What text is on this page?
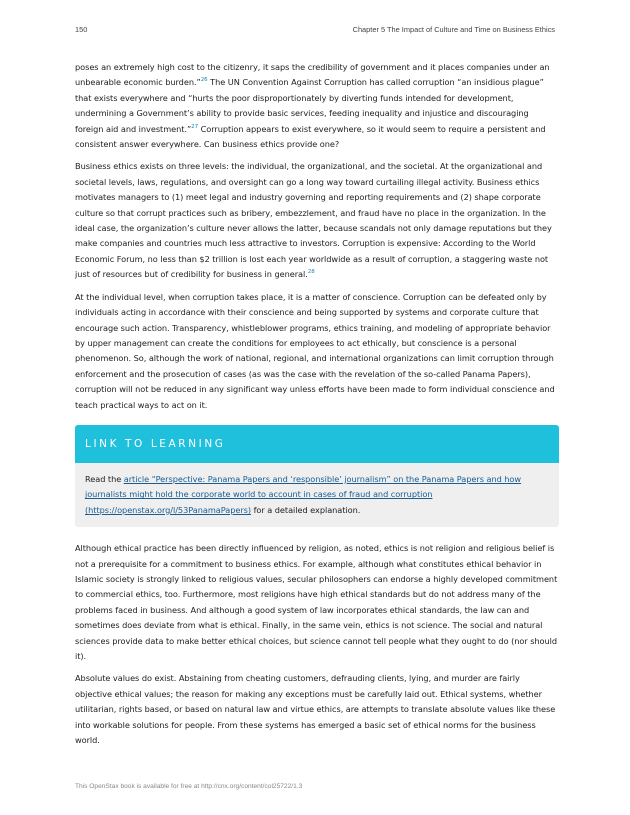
150	Chapter 5 The Impact of Culture and Time on Business Ethics

poses an extremely high cost to the citizenry, it saps the credibility of government and it places companies under an unbearable economic burden.”$^{26}$ The UN Convention Against Corruption has called corruption “an insidious plague” that exists everywhere and “hurts the poor disproportionately by diverting funds intended for development, undermining a Government’s ability to provide basic services, feeding inequality and injustice and discouraging foreign aid and investment.”$^{27}$ Corruption appears to exist everywhere, so it would seem to require a persistent and consistent answer everywhere. Can business ethics provide one?

Business ethics exists on three levels: the individual, the organizational, and the societal. At the organizational and societal levels, laws, regulations, and oversight can go a long way toward curtailing illegal activity. Business ethics motivates managers to (1) meet legal and industry governing and reporting requirements and (2) shape corporate culture so that corrupt practices such as bribery, embezzlement, and fraud have no place in the organization. In the ideal case, the organization’s culture never allows the latter, because scandals not only damage reputations but they make companies and countries much less attractive to investors. Corruption is expensive: According to the World Economic Forum, no less than $2 trillion is lost each year worldwide as a result of corruption, a staggering waste not just of resources but of credibility for business in general.$^{28}$

At the individual level, when corruption takes place, it is a matter of conscience. Corruption can be defeated only by individuals acting in accordance with their conscience and being supported by systems and corporate culture that encourage such action. Transparency, whistleblower programs, ethics training, and modeling of appropriate behavior by upper management can create the conditions for employees to act ethically, but conscience is a personal phenomenon. So, although the work of national, regional, and international organizations can limit corruption through enforcement and the prosecution of cases (as was the case with the revelation of the so-called Panama Papers), corruption will not be reduced in any significant way unless efforts have been made to form individual conscience and teach practical ways to act on it.

LINK TO LEARNING

Read the article “Perspective: Panama Papers and ‘responsible’ journalism” on the Panama Papers and how journalists might hold the corporate world to account in cases of fraud and corruption (https://openstax.org/l/53PanamaPapers) for a detailed explanation.

Although ethical practice has been directly influenced by religion, as noted, ethics is not religion and religious belief is not a prerequisite for a commitment to business ethics. For example, although what constitutes ethical behavior in Islamic society is strongly linked to religious values, secular philosophers can endorse a highly developed commitment to commercial ethics, too. Furthermore, most religions have high ethical standards but do not address many of the problems faced in business. And although a good system of law incorporates ethical standards, the law can and sometimes does deviate from what is ethical. Finally, in the same vein, ethics is not science. The social and natural sciences provide data to make better ethical choices, but science cannot tell people what they ought to do (nor should it).

Absolute values do exist. Abstaining from cheating customers, defrauding clients, lying, and murder are fairly objective ethical values; the reason for making any exceptions must be carefully laid out. Ethical systems, whether utilitarian, rights based, or based on natural law and virtue ethics, are attempts to translate absolute values like these into workable solutions for people. From these systems has emerged a basic set of ethical norms for the business world.

This OpenStax book is available for free at http://cnx.org/content/col25722/1.3
